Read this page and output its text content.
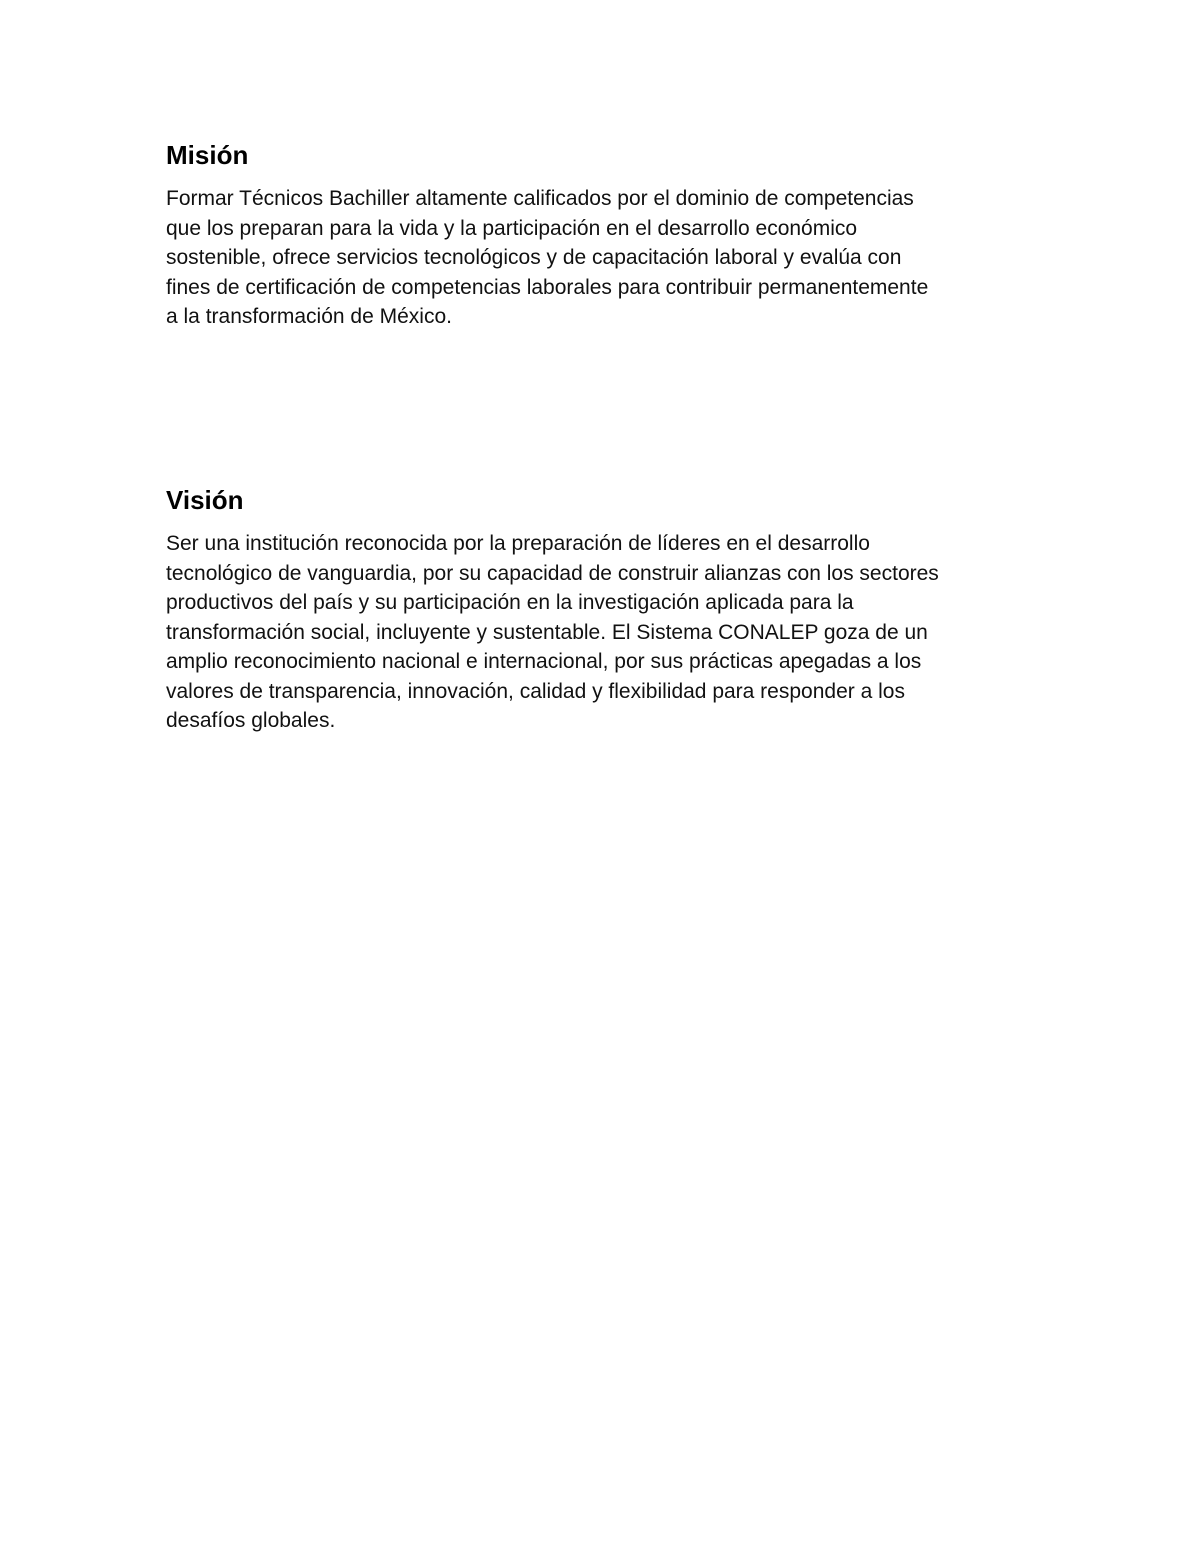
Misión

Formar Técnicos Bachiller altamente calificados por el dominio de competencias
que los preparan para la vida y la participación en el desarrollo económico
sostenible, ofrece servicios tecnológicos y de capacitación laboral y evalúa con
fines de certificación de competencias laborales para contribuir permanentemente
a la transformación de México.

Visión

Ser una institución reconocida por la preparación de líderes en el desarrollo
tecnológico de vanguardia, por su capacidad de construir alianzas con los sectores
productivos del país y su participación en la investigación aplicada para la
transformación social, incluyente y sustentable. El Sistema CONALEP goza de un
amplio reconocimiento nacional e internacional, por sus prácticas apegadas a los
valores de transparencia, innovación, calidad y flexibilidad para responder a los
desafíos globales.
